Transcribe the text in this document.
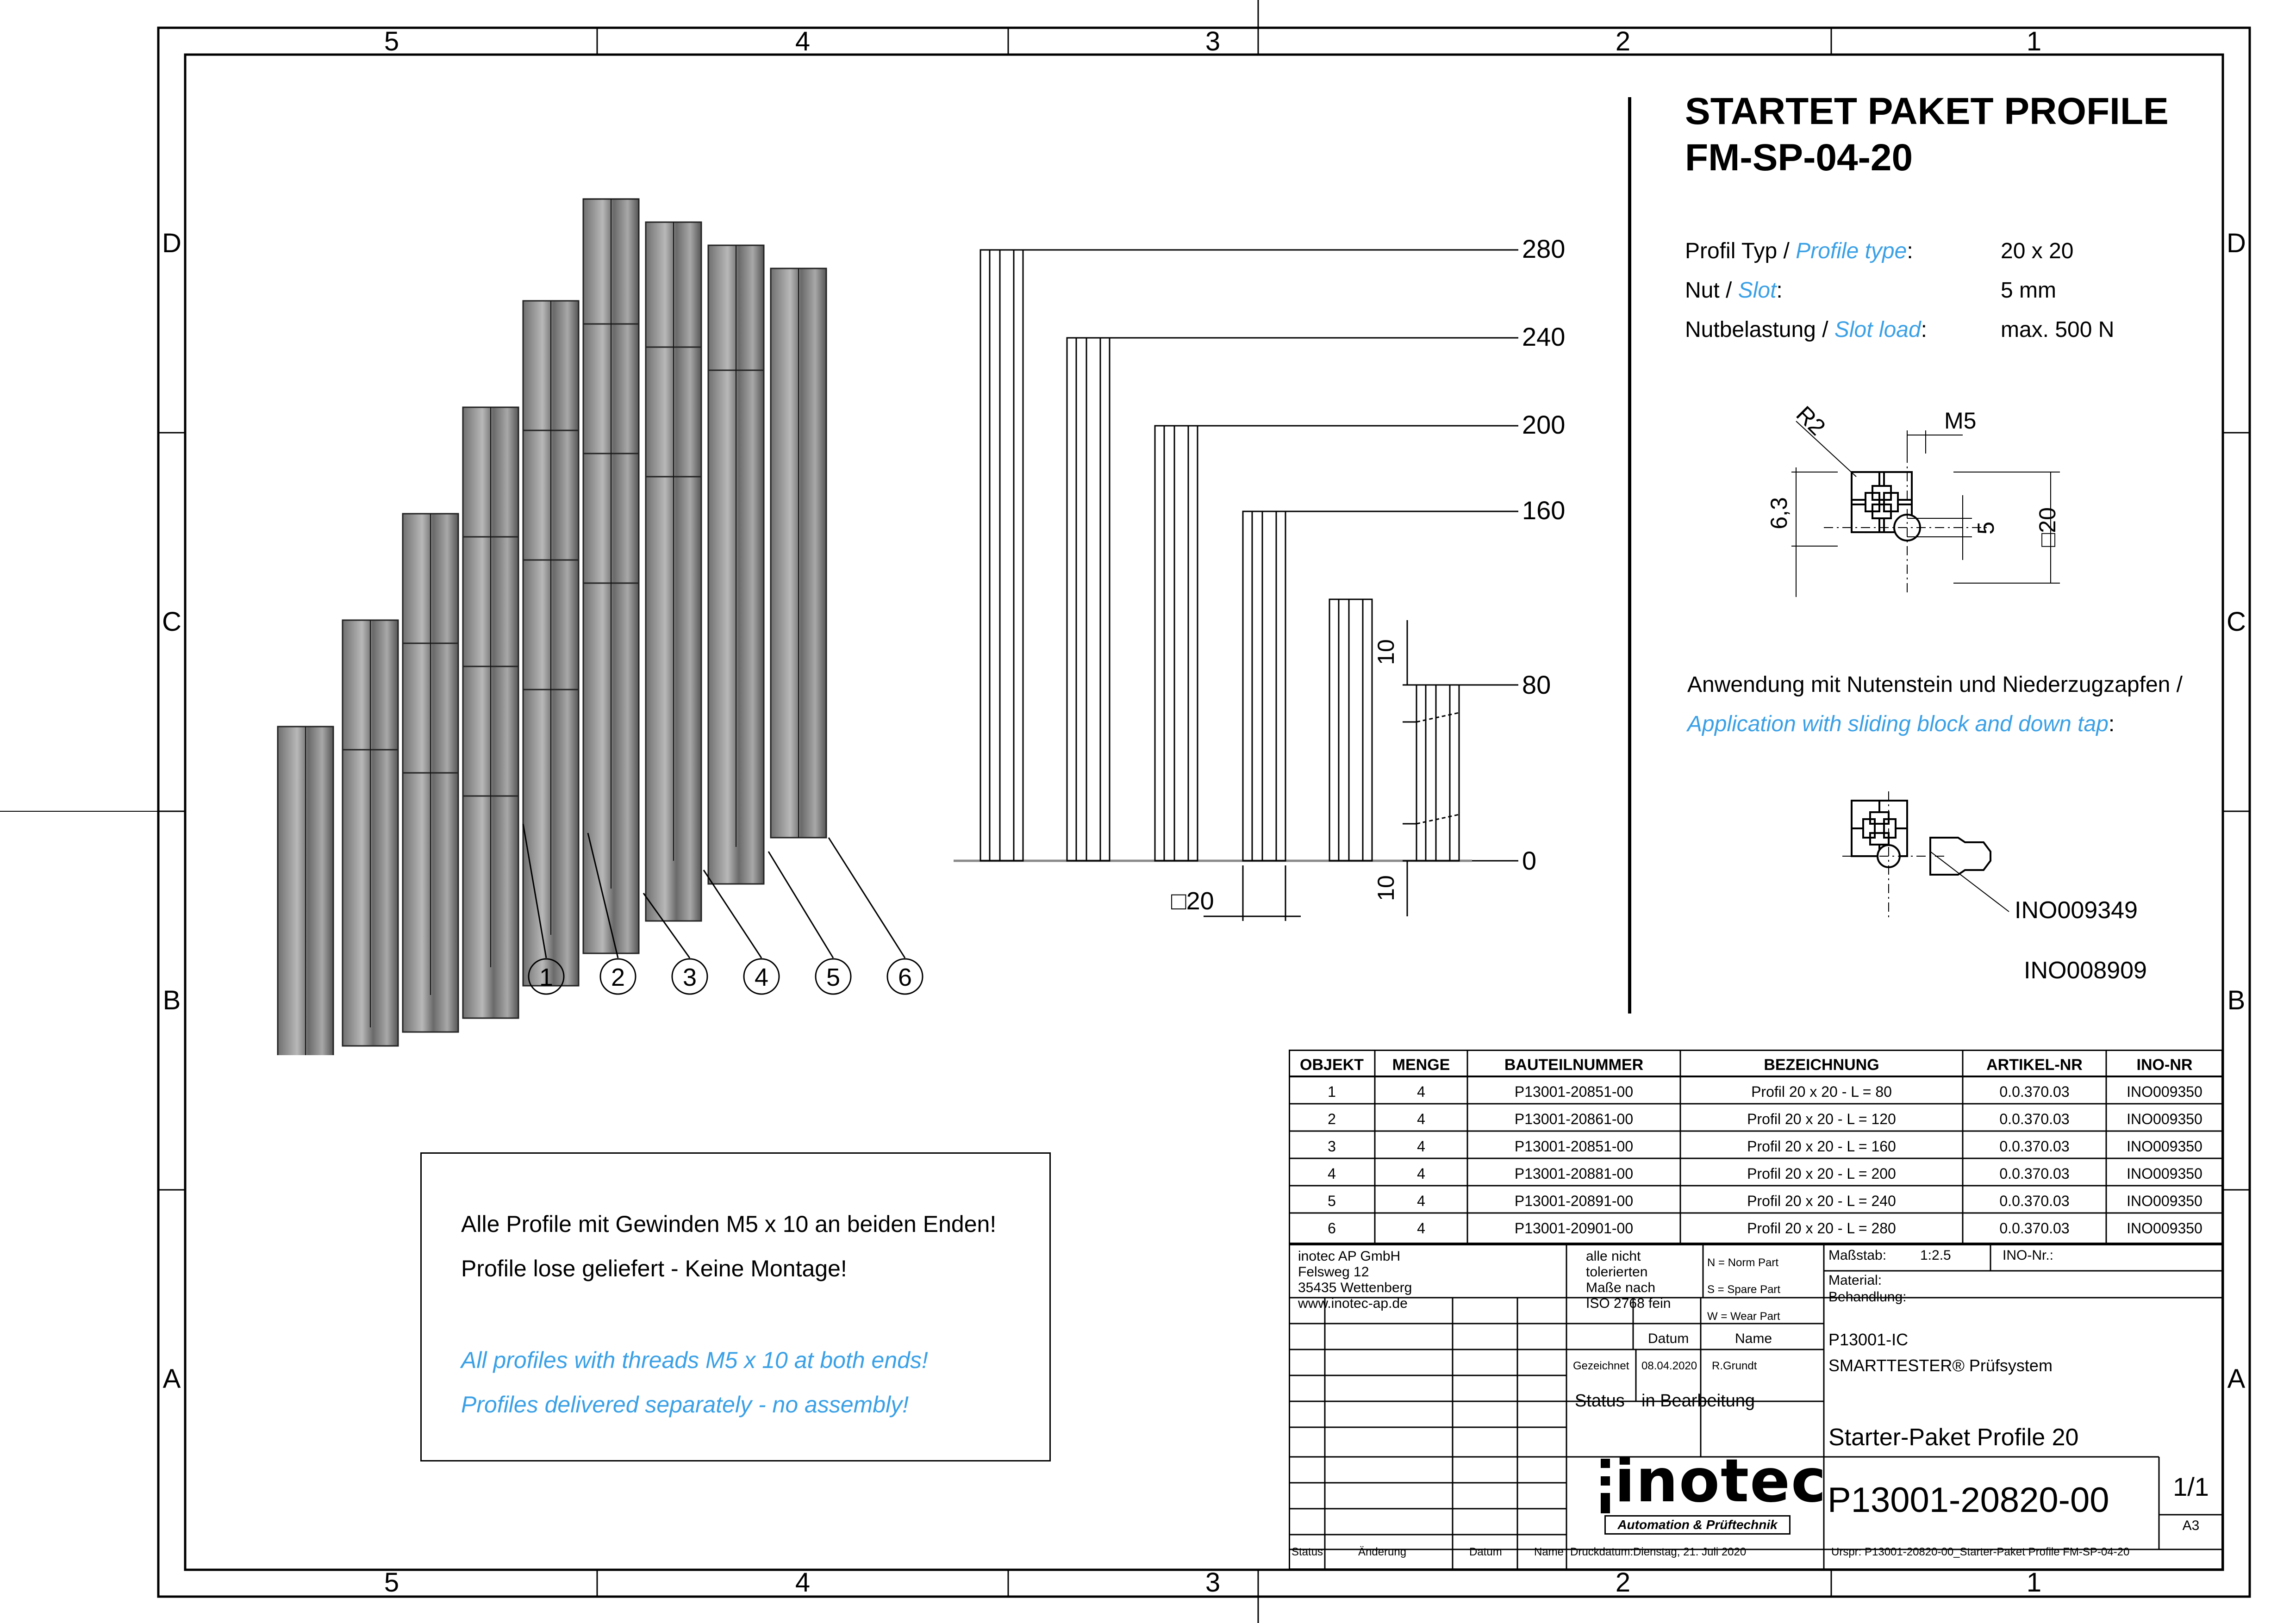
5	4	3	2	1
5	4	3	2	1
D
C
B
A
D
C
B
A
1	2	3	4	5	6
280
240
200
160
80
0
10
10
□20
STARTET PAKET PROFILE
FM-SP-04-20
Profil Typ / Profile type:	20 x 20
Nut / Slot:	5 mm
Nutbelastung / Slot load:	max. 500 N
R2	M5
6,3	5 □20
Anwendung mit Nutenstein und Niederzugzapfen /
Application with sliding block and down tap:
INO009349
INO008909
Alle Profile mit Gewinden M5 x 10 an beiden Enden!
Profile lose geliefert - Keine Montage!
All profiles with threads M5 x 10 at both ends!
Profiles delivered separately - no assembly!
OBJEKT	MENGE	BAUTEILNUMMER	BEZEICHNUNG	ARTIKEL-NR	INO-NR
1	4	P13001-20851-00	Profil 20 x 20 - L = 80	0.0.370.03	INO009350
2	4	P13001-20861-00	Profil 20 x 20 - L = 120	0.0.370.03	INO009350
3	4	P13001-20851-00	Profil 20 x 20 - L = 160	0.0.370.03	INO009350
4	4	P13001-20881-00	Profil 20 x 20 - L = 200	0.0.370.03	INO009350
5	4	P13001-20891-00	Profil 20 x 20 - L = 240	0.0.370.03	INO009350
6	4	P13001-20901-00	Profil 20 x 20 - L = 280	0.0.370.03	INO009350
inotec AP GmbH
Felsweg 12
35435 Wettenberg
www.inotec-ap.de
alle nicht
tolerierten
Maße nach
ISO 2768 fein
N = Norm Part
S = Spare Part
W = Wear Part
Maßstab: 1:2.5	INO-Nr.:
Material:
Behandlung:
Datum	Name
Gezeichnet 08.04.2020 R.Grundt
Status in Bearbeitung
P13001-IC
SMARTTESTER® Prüfsystem
Starter-Paket Profile 20
inotec
Automation & Prüftechnik
P13001-20820-00	1/1
A3
Status	Änderung	Datum	Name Druckdatum:Dienstag, 21. Juli 2020	Urspr: P13001-20820-00_Starter-Paket Profile FM-SP-04-20
